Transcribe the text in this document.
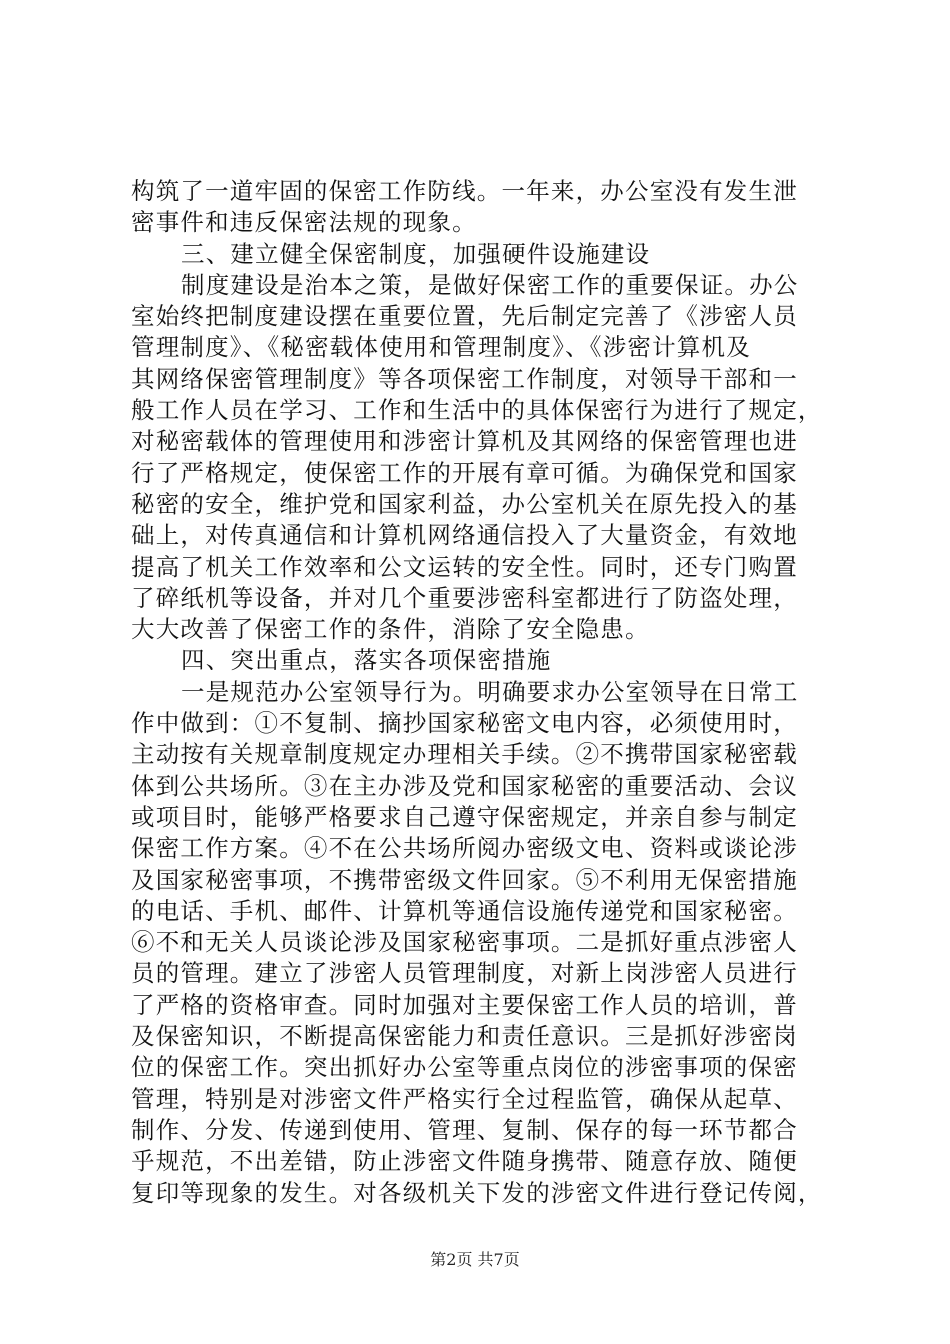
构筑了一道牢固的保密工作防线。一年来，办公室没有发生泄
密事件和违反保密法规的现象。
三、建立健全保密制度，加强硬件设施建设
制度建设是治本之策，是做好保密工作的重要保证。办公
室始终把制度建设摆在重要位置，先后制定完善了《涉密人员
管理制度》、《秘密载体使用和管理制度》、《涉密计算机及
其网络保密管理制度》等各项保密工作制度，对领导干部和一
般工作人员在学习、工作和生活中的具体保密行为进行了规定，
对秘密载体的管理使用和涉密计算机及其网络的保密管理也进
行了严格规定，使保密工作的开展有章可循。为确保党和国家
秘密的安全，维护党和国家利益，办公室机关在原先投入的基
础上，对传真通信和计算机网络通信投入了大量资金，有效地
提高了机关工作效率和公文运转的安全性。同时，还专门购置
了碎纸机等设备，并对几个重要涉密科室都进行了防盗处理，
大大改善了保密工作的条件，消除了安全隐患。
四、突出重点，落实各项保密措施
一是规范办公室领导行为。明确要求办公室领导在日常工
作中做到：①不复制、摘抄国家秘密文电内容，必须使用时，
主动按有关规章制度规定办理相关手续。②不携带国家秘密载
体到公共场所。③在主办涉及党和国家秘密的重要活动、会议
或项目时，能够严格要求自己遵守保密规定，并亲自参与制定
保密工作方案。④不在公共场所阅办密级文电、资料或谈论涉
及国家秘密事项，不携带密级文件回家。⑤不利用无保密措施
的电话、手机、邮件、计算机等通信设施传递党和国家秘密。
⑥不和无关人员谈论涉及国家秘密事项。二是抓好重点涉密人
员的管理。建立了涉密人员管理制度，对新上岗涉密人员进行
了严格的资格审查。同时加强对主要保密工作人员的培训，普
及保密知识，不断提高保密能力和责任意识。三是抓好涉密岗
位的保密工作。突出抓好办公室等重点岗位的涉密事项的保密
管理，特别是对涉密文件严格实行全过程监管，确保从起草、
制作、分发、传递到使用、管理、复制、保存的每一环节都合
乎规范，不出差错，防止涉密文件随身携带、随意存放、随便
复印等现象的发生。对各级机关下发的涉密文件进行登记传阅，
第2页 共7页
